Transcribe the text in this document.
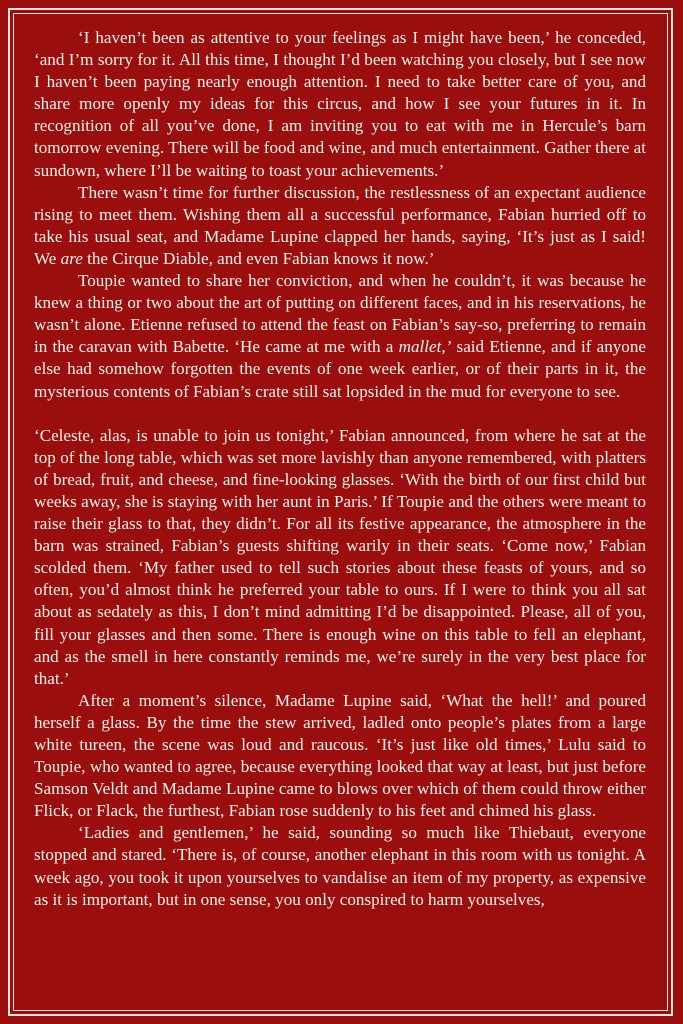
‘I haven’t been as attentive to your feelings as I might have been,’ he conceded, ‘and I’m sorry for it. All this time, I thought I’d been watching you closely, but I see now I haven’t been paying nearly enough attention. I need to take better care of you, and share more openly my ideas for this circus, and how I see your futures in it. In recognition of all you’ve done, I am inviting you to eat with me in Hercule’s barn tomorrow evening. There will be food and wine, and much entertainment. Gather there at sundown, where I’ll be waiting to toast your achievements.’

There wasn’t time for further discussion, the restlessness of an expectant audience rising to meet them. Wishing them all a successful performance, Fabian hurried off to take his usual seat, and Madame Lupine clapped her hands, saying, ‘It’s just as I said! We are the Cirque Diable, and even Fabian knows it now.’

Toupie wanted to share her conviction, and when he couldn’t, it was because he knew a thing or two about the art of putting on different faces, and in his reservations, he wasn’t alone. Etienne refused to attend the feast on Fabian’s say-so, preferring to remain in the caravan with Babette. ‘He came at me with a mallet,’ said Etienne, and if anyone else had somehow forgotten the events of one week earlier, or of their parts in it, the mysterious contents of Fabian’s crate still sat lopsided in the mud for everyone to see.

‘Celeste, alas, is unable to join us tonight,’ Fabian announced, from where he sat at the top of the long table, which was set more lavishly than anyone remembered, with platters of bread, fruit, and cheese, and fine-looking glasses. ‘With the birth of our first child but weeks away, she is staying with her aunt in Paris.’ If Toupie and the others were meant to raise their glass to that, they didn’t. For all its festive appearance, the atmosphere in the barn was strained, Fabian’s guests shifting warily in their seats. ‘Come now,’ Fabian scolded them. ‘My father used to tell such stories about these feasts of yours, and so often, you’d almost think he preferred your table to ours. If I were to think you all sat about as sedately as this, I don’t mind admitting I’d be disappointed. Please, all of you, fill your glasses and then some. There is enough wine on this table to fell an elephant, and as the smell in here constantly reminds me, we’re surely in the very best place for that.’

After a moment’s silence, Madame Lupine said, ‘What the hell!’ and poured herself a glass. By the time the stew arrived, ladled onto people’s plates from a large white tureen, the scene was loud and raucous. ‘It’s just like old times,’ Lulu said to Toupie, who wanted to agree, because everything looked that way at least, but just before Samson Veldt and Madame Lupine came to blows over which of them could throw either Flick, or Flack, the furthest, Fabian rose suddenly to his feet and chimed his glass.

‘Ladies and gentlemen,’ he said, sounding so much like Thiebaut, everyone stopped and stared. ‘There is, of course, another elephant in this room with us tonight. A week ago, you took it upon yourselves to vandalise an item of my property, as expensive as it is important, but in one sense, you only conspired to harm yourselves,
